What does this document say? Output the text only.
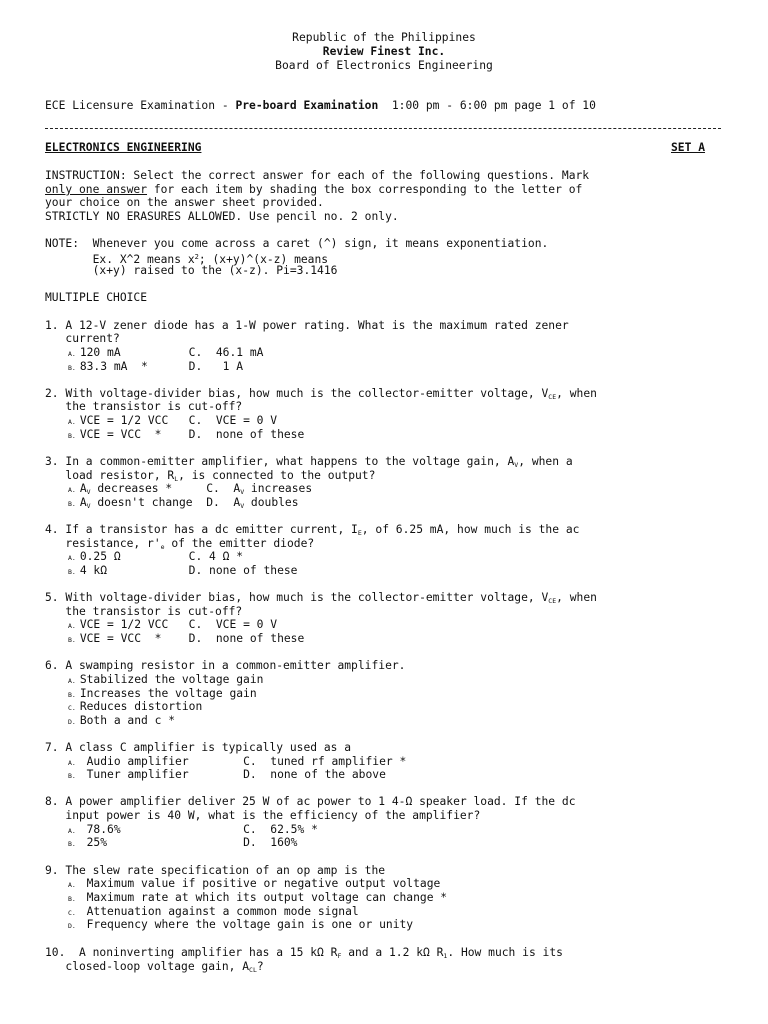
Republic of the Philippines
Review Finest Inc.
Board of Electronics Engineering
ECE Licensure Examination - Pre-board Examination  1:00 pm - 6:00 pm page 1 of 10
ELECTRONICS ENGINEERING	SET A
INSTRUCTION: Select the correct answer for each of the following questions. Mark
only one answer for each item by shading the box corresponding to the letter of
your choice on the answer sheet provided.
STRICTLY NO ERASURES ALLOWED. Use pencil no. 2 only.
NOTE:  Whenever you come across a caret (^) sign, it means exponentiation.
Ex. X^2 means $x^2$; (x+y)^(x-z) means
(x+y) raised to the (x-z). Pi=3.1416
MULTIPLE CHOICE
1. A 12-V zener diode has a 1-W power rating. What is the maximum rated zener
current?
A. 120 mA          C.  46.1 mA
B. 83.3 mA  *      D.   1 A
2. With voltage-divider bias, how much is the collector-emitter voltage, $V_{CE}$, when
the transistor is cut-off?
A. VCE = 1/2 VCC   C.  VCE = 0 V
B. VCE = VCC  *    D.  none of these
3. In a common-emitter amplifier, what happens to the voltage gain, $A_V$, when a
load resistor, $R_L$, is connected to the output?
A. $A_V$ decreases *     C.  $A_V$ increases
B. $A_V$ doesn't change  D.  $A_V$ doubles
4. If a transistor has a dc emitter current, $I_E$, of 6.25 mA, how much is the ac
resistance, $r'_e$ of the emitter diode?
A. 0.25 Ω          C. 4 Ω *
B. 4 kΩ            D. none of these
5. With voltage-divider bias, how much is the collector-emitter voltage, $V_{CE}$, when
the transistor is cut-off?
A. VCE = 1/2 VCC   C.  VCE = 0 V
B. VCE = VCC  *    D.  none of these
6. A swamping resistor in a common-emitter amplifier.
A. Stabilized the voltage gain
B. Increases the voltage gain
C. Reduces distortion
D. Both a and c *
7. A class C amplifier is typically used as a
A. Audio amplifier        C.  tuned rf amplifier *
B. Tuner amplifier        D.  none of the above
8. A power amplifier deliver 25 W of ac power to 1 4-Ω speaker load. If the dc
input power is 40 W, what is the efficiency of the amplifier?
A. 78.6%                  C.  62.5% *
B. 25%                    D.  160%
9. The slew rate specification of an op amp is the
A. Maximum value if positive or negative output voltage
B. Maximum rate at which its output voltage can change *
C. Attenuation against a common mode signal
D. Frequency where the voltage gain is one or unity
10.  A noninverting amplifier has a 15 kΩ $R_F$ and a 1.2 kΩ $R_1$. How much is its
closed-loop voltage gain, $A_{CL}$?
